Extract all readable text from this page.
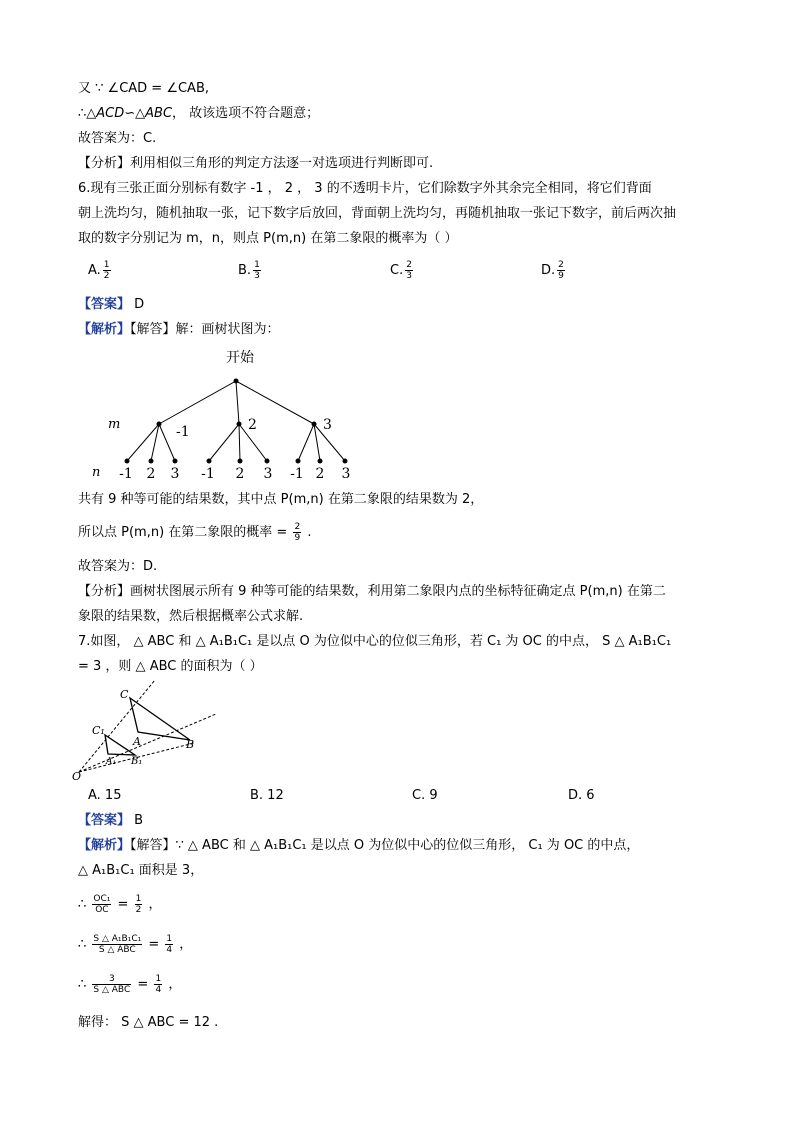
又 ∵ ∠CAD = ∠CAB,
∴△ACD∽△ABC， 故该选项不符合题意；
故答案为：C.
【分析】利用相似三角形的判定方法逐一对选项进行判断即可.
6.现有三张正面分别标有数字 -1 ， 2 ， 3 的不透明卡片，它们除数字外其余完全相同，将它们背面
朝上洗均匀，随机抽取一张，记下数字后放回，背面朝上洗均匀，再随机抽取一张记下数字，前后两次抽
取的数字分别记为 m，n，则点 P(m,n) 在第二象限的概率为（ ）
A. $\frac{1}{2}$	B. $\frac{1}{3}$	C. $\frac{2}{3}$	D. $\frac{2}{9}$
【答案】 D
【解析】【解答】解：画树状图为：
开始
m
n
-1	2	3
-1 2 3 -1 2 3 -1 2 3
共有 9 种等可能的结果数，其中点 P(m,n) 在第二象限的结果数为 2，
所以点 P(m,n) 在第二象限的概率 = $\frac{2}{9}$ .
故答案为：D.
【分析】画树状图展示所有 9 种等可能的结果数，利用第二象限内点的坐标特征确定点 P(m,n) 在第二
象限的结果数，然后根据概率公式求解.
7.如图， △ ABC 和 △ A₁B₁C₁ 是以点 O 为位似中心的位似三角形，若 C₁ 为 OC 的中点， S △ A₁B₁C₁
= 3 ，则 △ ABC 的面积为（ ）
C
A	B
C₁
A₁ B₁
O
A. 15	B. 12	C. 9	D. 6
【答案】 B
【解析】【解答】∵ △ ABC 和 △ A₁B₁C₁ 是以点 O 为位似中心的位似三角形， C₁ 为 OC 的中点，
△ A₁B₁C₁ 面积是 3，
∴ $\frac{\text{OC₁}}{OC} = \frac{1}{2}$ ，
∴ $\frac{\text{S △ A₁B₁C₁}}{\text{S △ ABC}} = \frac{1}{4}$ ，
∴ $\frac{3}{\text{S △ ABC}} = \frac{1}{4}$ ，
解得： S △ ABC = 12 .
